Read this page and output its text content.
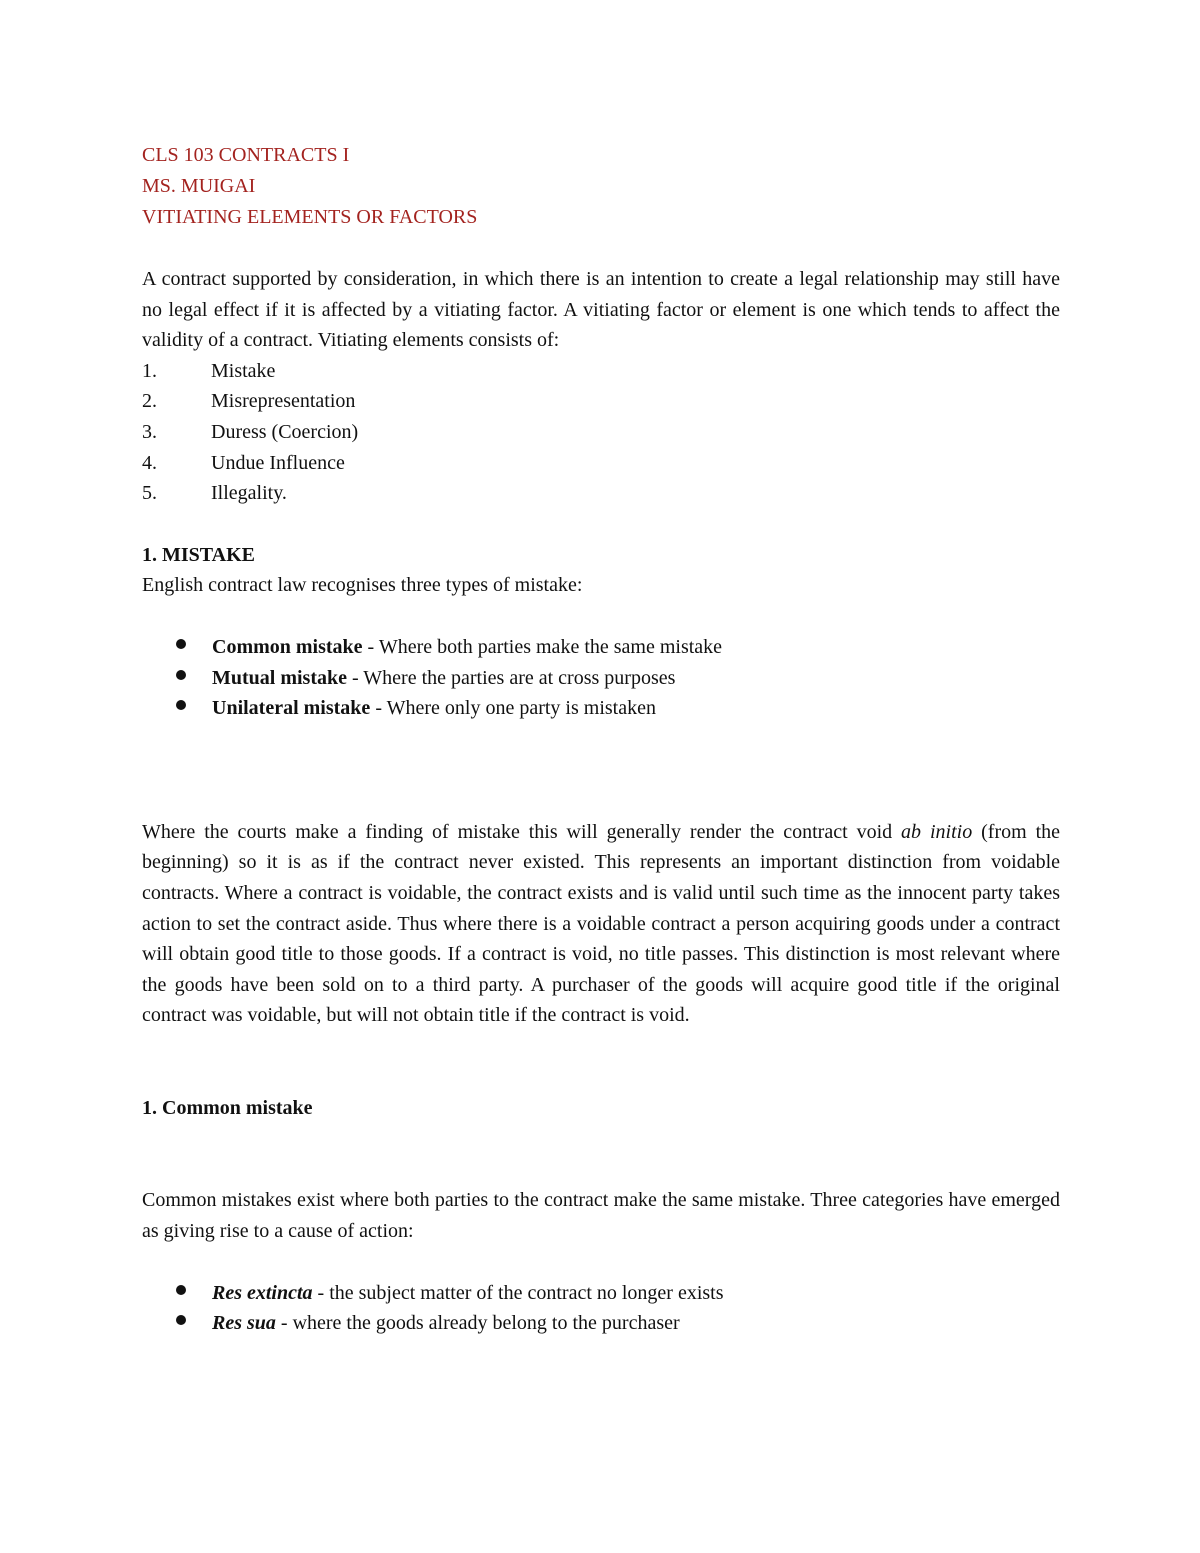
CLS 103 CONTRACTS I

MS. MUIGAI

VITIATING ELEMENTS OR FACTORS

A contract supported by consideration, in which there is an intention to create a legal relationship may still have no legal effect if it is affected by a vitiating factor. A vitiating factor or element is one which tends to affect the validity of a contract. Vitiating elements consists of:

1.	Mistake
2.	Misrepresentation
3.	Duress (Coercion)
4.	Undue Influence
5.	Illegality.

1. MISTAKE

English contract law recognises three types of mistake:

Common mistake - Where both parties make the same mistake
Mutual mistake - Where the parties are at cross purposes
Unilateral mistake - Where only one party is mistaken

Where the courts make a finding of mistake this will generally render the contract void ab initio (from the beginning) so it is as if the contract never existed. This represents an important distinction from voidable contracts. Where a contract is voidable, the contract exists and is valid until such time as the innocent party takes action to set the contract aside. Thus where there is a voidable contract a person acquiring goods under a contract will obtain good title to those goods. If a contract is void, no title passes. This distinction is most relevant where the goods have been sold on to a third party. A purchaser of the goods will acquire good title if the original contract was voidable, but will not obtain title if the contract is void.

1. Common mistake

Common mistakes exist where both parties to the contract make the same mistake. Three categories have emerged as giving rise to a cause of action:

Res extincta - the subject matter of the contract no longer exists
Res sua - where the goods already belong to the purchaser
